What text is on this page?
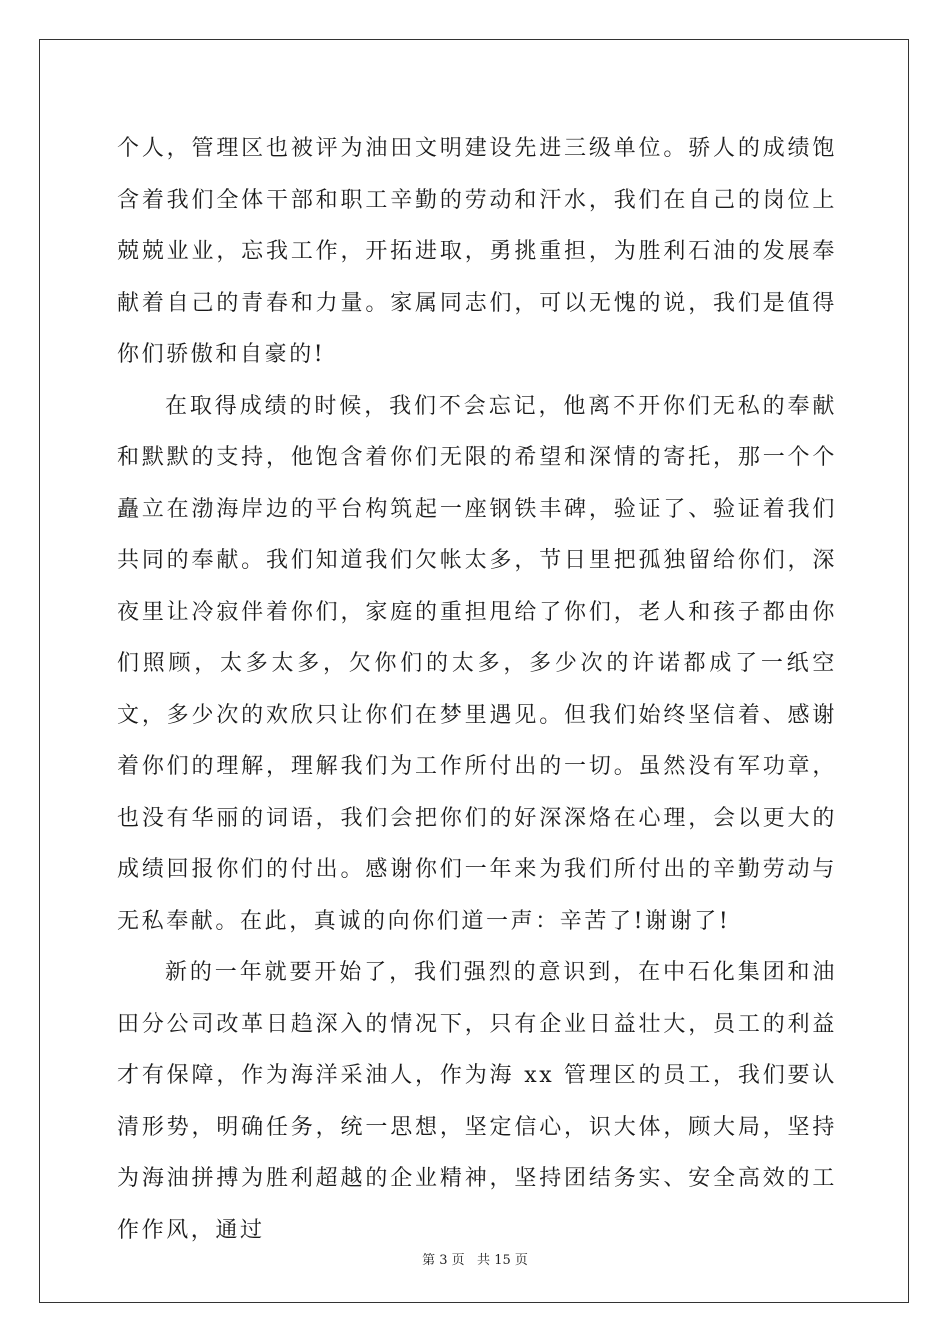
个人，管理区也被评为油田文明建设先进三级单位。骄人的成绩饱含着我们全体干部和职工辛勤的劳动和汗水，我们在自己的岗位上兢兢业业，忘我工作，开拓进取，勇挑重担，为胜利石油的发展奉献着自己的青春和力量。家属同志们，可以无愧的说，我们是值得你们骄傲和自豪的!

在取得成绩的时候，我们不会忘记，他离不开你们无私的奉献和默默的支持，他饱含着你们无限的希望和深情的寄托，那一个个矗立在渤海岸边的平台构筑起一座钢铁丰碑，验证了、验证着我们共同的奉献。我们知道我们欠帐太多，节日里把孤独留给你们，深夜里让冷寂伴着你们，家庭的重担甩给了你们，老人和孩子都由你们照顾，太多太多，欠你们的太多，多少次的许诺都成了一纸空文，多少次的欢欣只让你们在梦里遇见。但我们始终坚信着、感谢着你们的理解，理解我们为工作所付出的一切。虽然没有军功章，也没有华丽的词语，我们会把你们的好深深烙在心理，会以更大的成绩回报你们的付出。感谢你们一年来为我们所付出的辛勤劳动与无私奉献。在此，真诚的向你们道一声：辛苦了!谢谢了!

新的一年就要开始了，我们强烈的意识到，在中石化集团和油田分公司改革日趋深入的情况下，只有企业日益壮大，员工的利益才有保障，作为海洋采油人，作为海 xx 管理区的员工，我们要认清形势，明确任务，统一思想，坚定信心，识大体，顾大局，坚持为海油拼搏为胜利超越的企业精神，坚持团结务实、安全高效的工作作风，通过

第 3 页   共 15 页
